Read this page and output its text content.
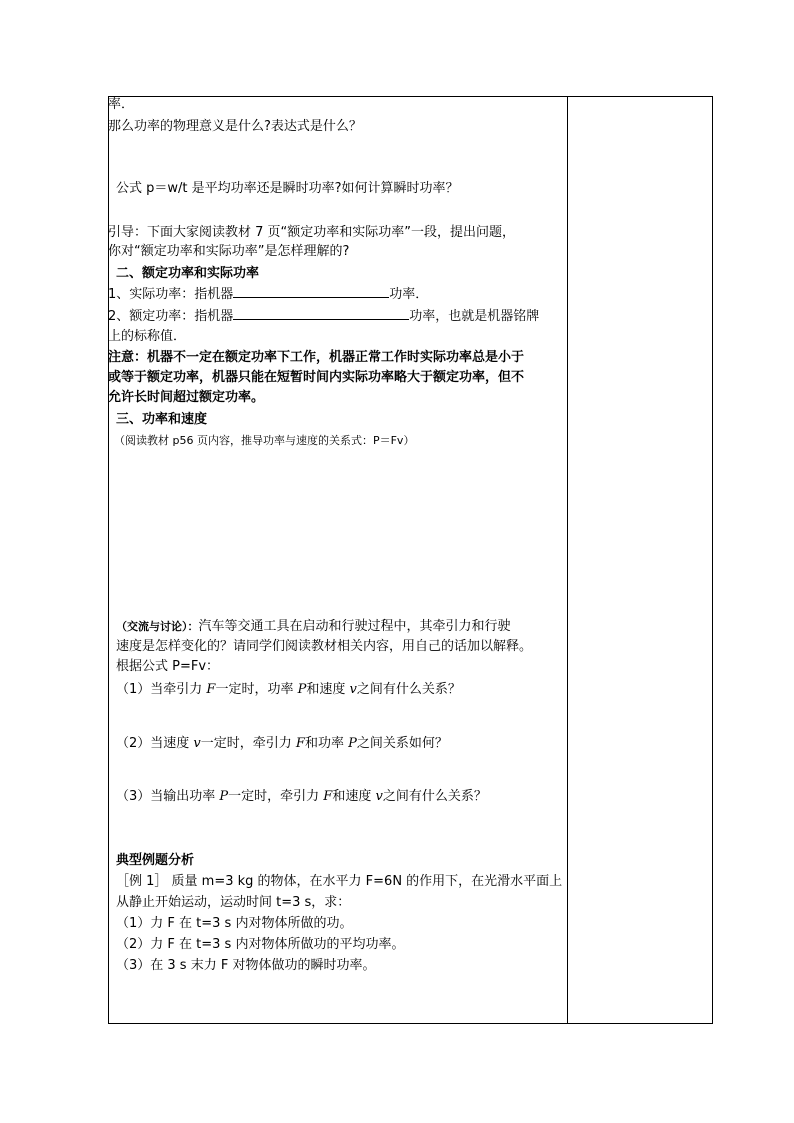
率．
那么功率的物理意义是什么?表达式是什么？
公式 p＝w/t 是平均功率还是瞬时功率?如何计算瞬时功率？
引导：下面大家阅读教材 7 页“额定功率和实际功率”一段，提出问题，
你对“额定功率和实际功率”是怎样理解的?
二、额定功率和实际功率
1、实际功率：指机器	功率．
2、额定功率：指机器	功率，也就是机器铭牌
上的标称值．
注意：机器不一定在额定功率下工作，机器正常工作时实际功率总是小于
或等于额定功率，机器只能在短暂时间内实际功率略大于额定功率，但不
允许长时间超过额定功率。
三、功率和速度
（阅读教材 p56 页内容，推导功率与速度的关系式：P＝Fv）
（交流与讨论）：汽车等交通工具在启动和行驶过程中，其牵引力和行驶
速度是怎样变化的？请同学们阅读教材相关内容，用自己的话加以解释。
根据公式 P=Fv：
（1）当牵引力 F一定时，功率 P和速度 v之间有什么关系？
（2）当速度 v一定时，牵引力 F和功率 P之间关系如何？
（3）当输出功率 P一定时，牵引力 F和速度 v之间有什么关系？
典型例题分析
［例 1］ 质量 m=3 kg 的物体，在水平力 F=6N 的作用下，在光滑水平面上
从静止开始运动，运动时间 t=3 s，求：
（1）力 F 在 t=3 s 内对物体所做的功。
（2）力 F 在 t=3 s 内对物体所做功的平均功率。
（3）在 3 s 末力 F 对物体做功的瞬时功率。
